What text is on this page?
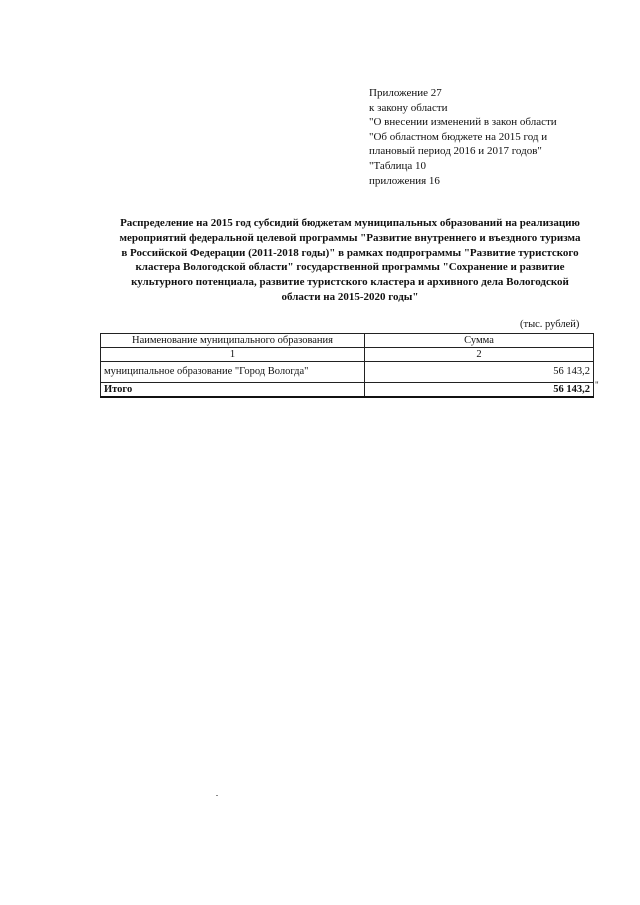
Приложение 27
к закону области
"О внесении изменений в закон области
"Об областном бюджете на 2015 год и
плановый период 2016 и 2017 годов"
"Таблица 10
приложения 16
Распределение на 2015 год субсидий бюджетам муниципальных образований на реализацию
мероприятий федеральной целевой программы "Развитие внутреннего и въездного туризма
в Российской Федерации (2011-2018 годы)" в рамках подпрограммы "Развитие туристского
кластера Вологодской области" государственной программы "Сохранение и развитие
культурного потенциала, развитие туристского кластера и архивного дела Вологодской
области на 2015-2020 годы"
(тыс. рублей)
Наименование муниципального образования	Сумма
1	2
муниципальное образование "Город Вологда"	56 143,2
Итого	56 143,2 "
